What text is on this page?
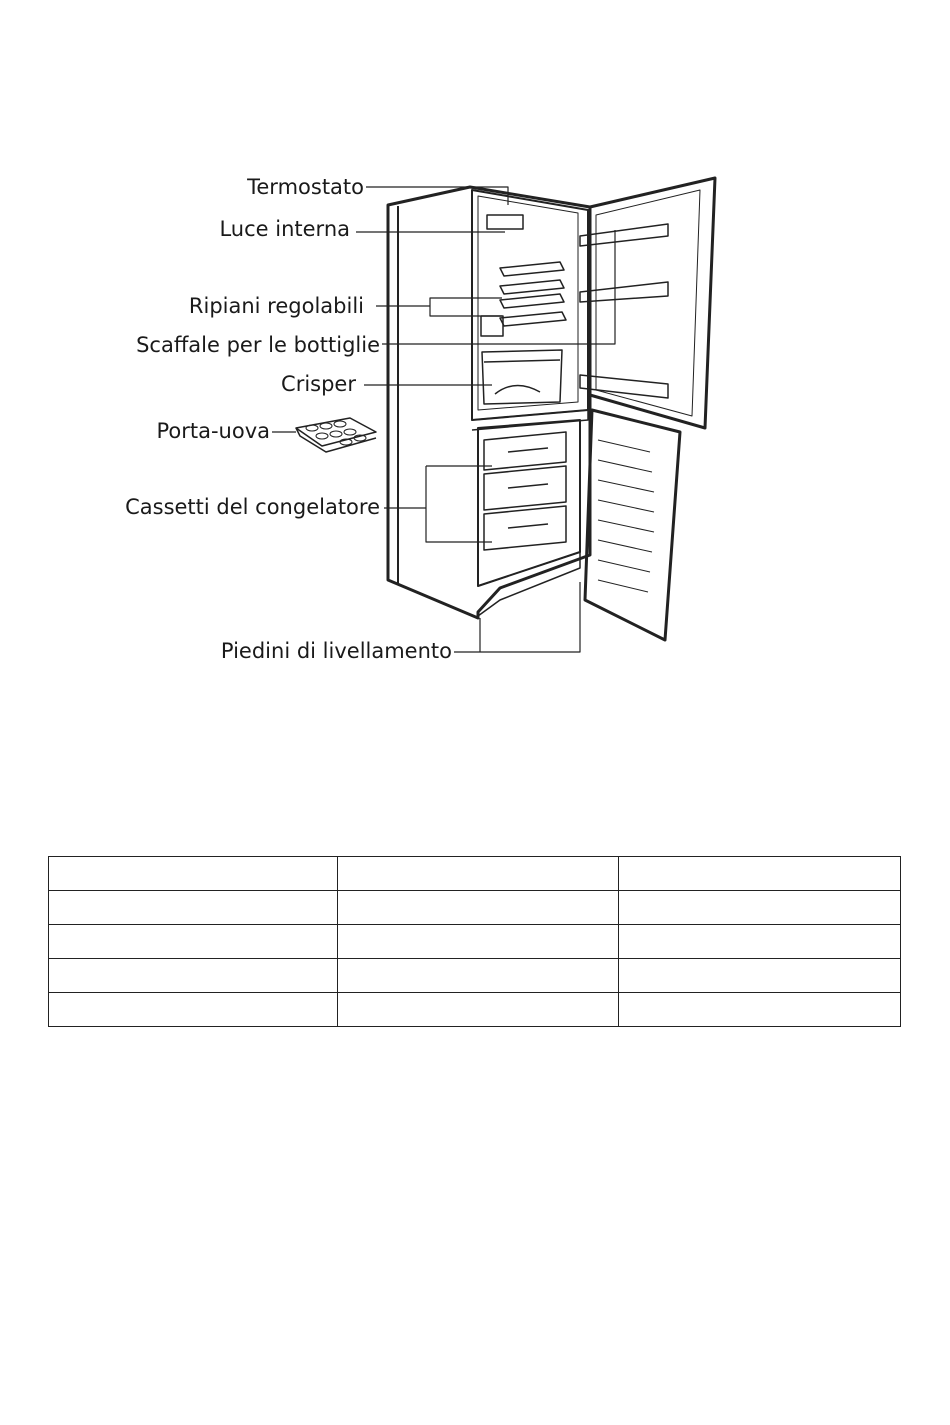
Termostato
Luce interna
Ripiani regolabili
Scaffale per le bottiglie
Crisper
Porta-uova
Cassetti del congelatore
Piedini di livellamento
